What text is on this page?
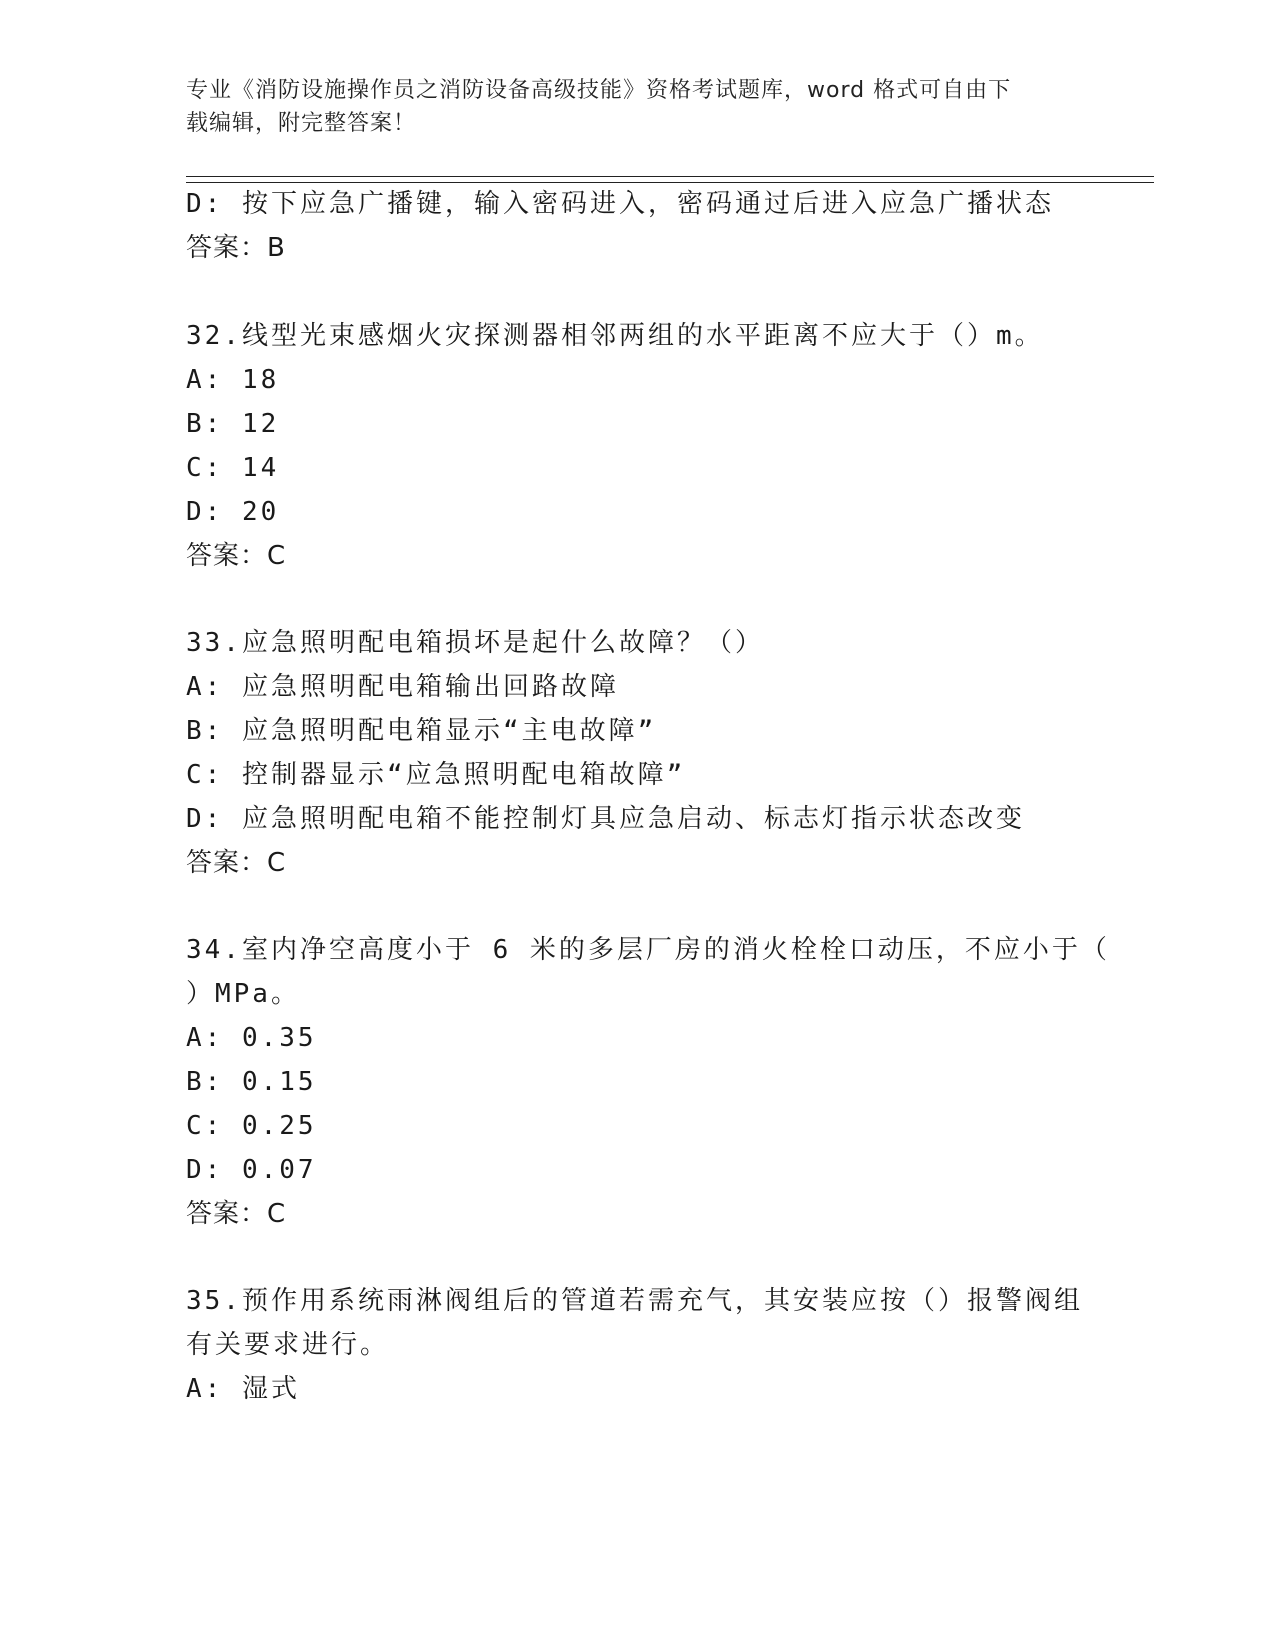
专业《消防设施操作员之消防设备高级技能》资格考试题库，word 格式可自由下
载编辑，附完整答案！
D: 按下应急广播键，输入密码进入，密码通过后进入应急广播状态
答案：B
32.线型光束感烟火灾探测器相邻两组的水平距离不应大于（）m。
A: 18
B: 12
C: 14
D: 20
答案：C
33.应急照明配电箱损坏是起什么故障？（）
A: 应急照明配电箱输出回路故障
B: 应急照明配电箱显示“主电故障”
C: 控制器显示“应急照明配电箱故障”
D: 应急照明配电箱不能控制灯具应急启动、标志灯指示状态改变
答案：C
34.室内净空高度小于 6 米的多层厂房的消火栓栓口动压，不应小于（
）MPa。
A: 0.35
B: 0.15
C: 0.25
D: 0.07
答案：C
35.预作用系统雨淋阀组后的管道若需充气，其安装应按（）报警阀组
有关要求进行。
A: 湿式
